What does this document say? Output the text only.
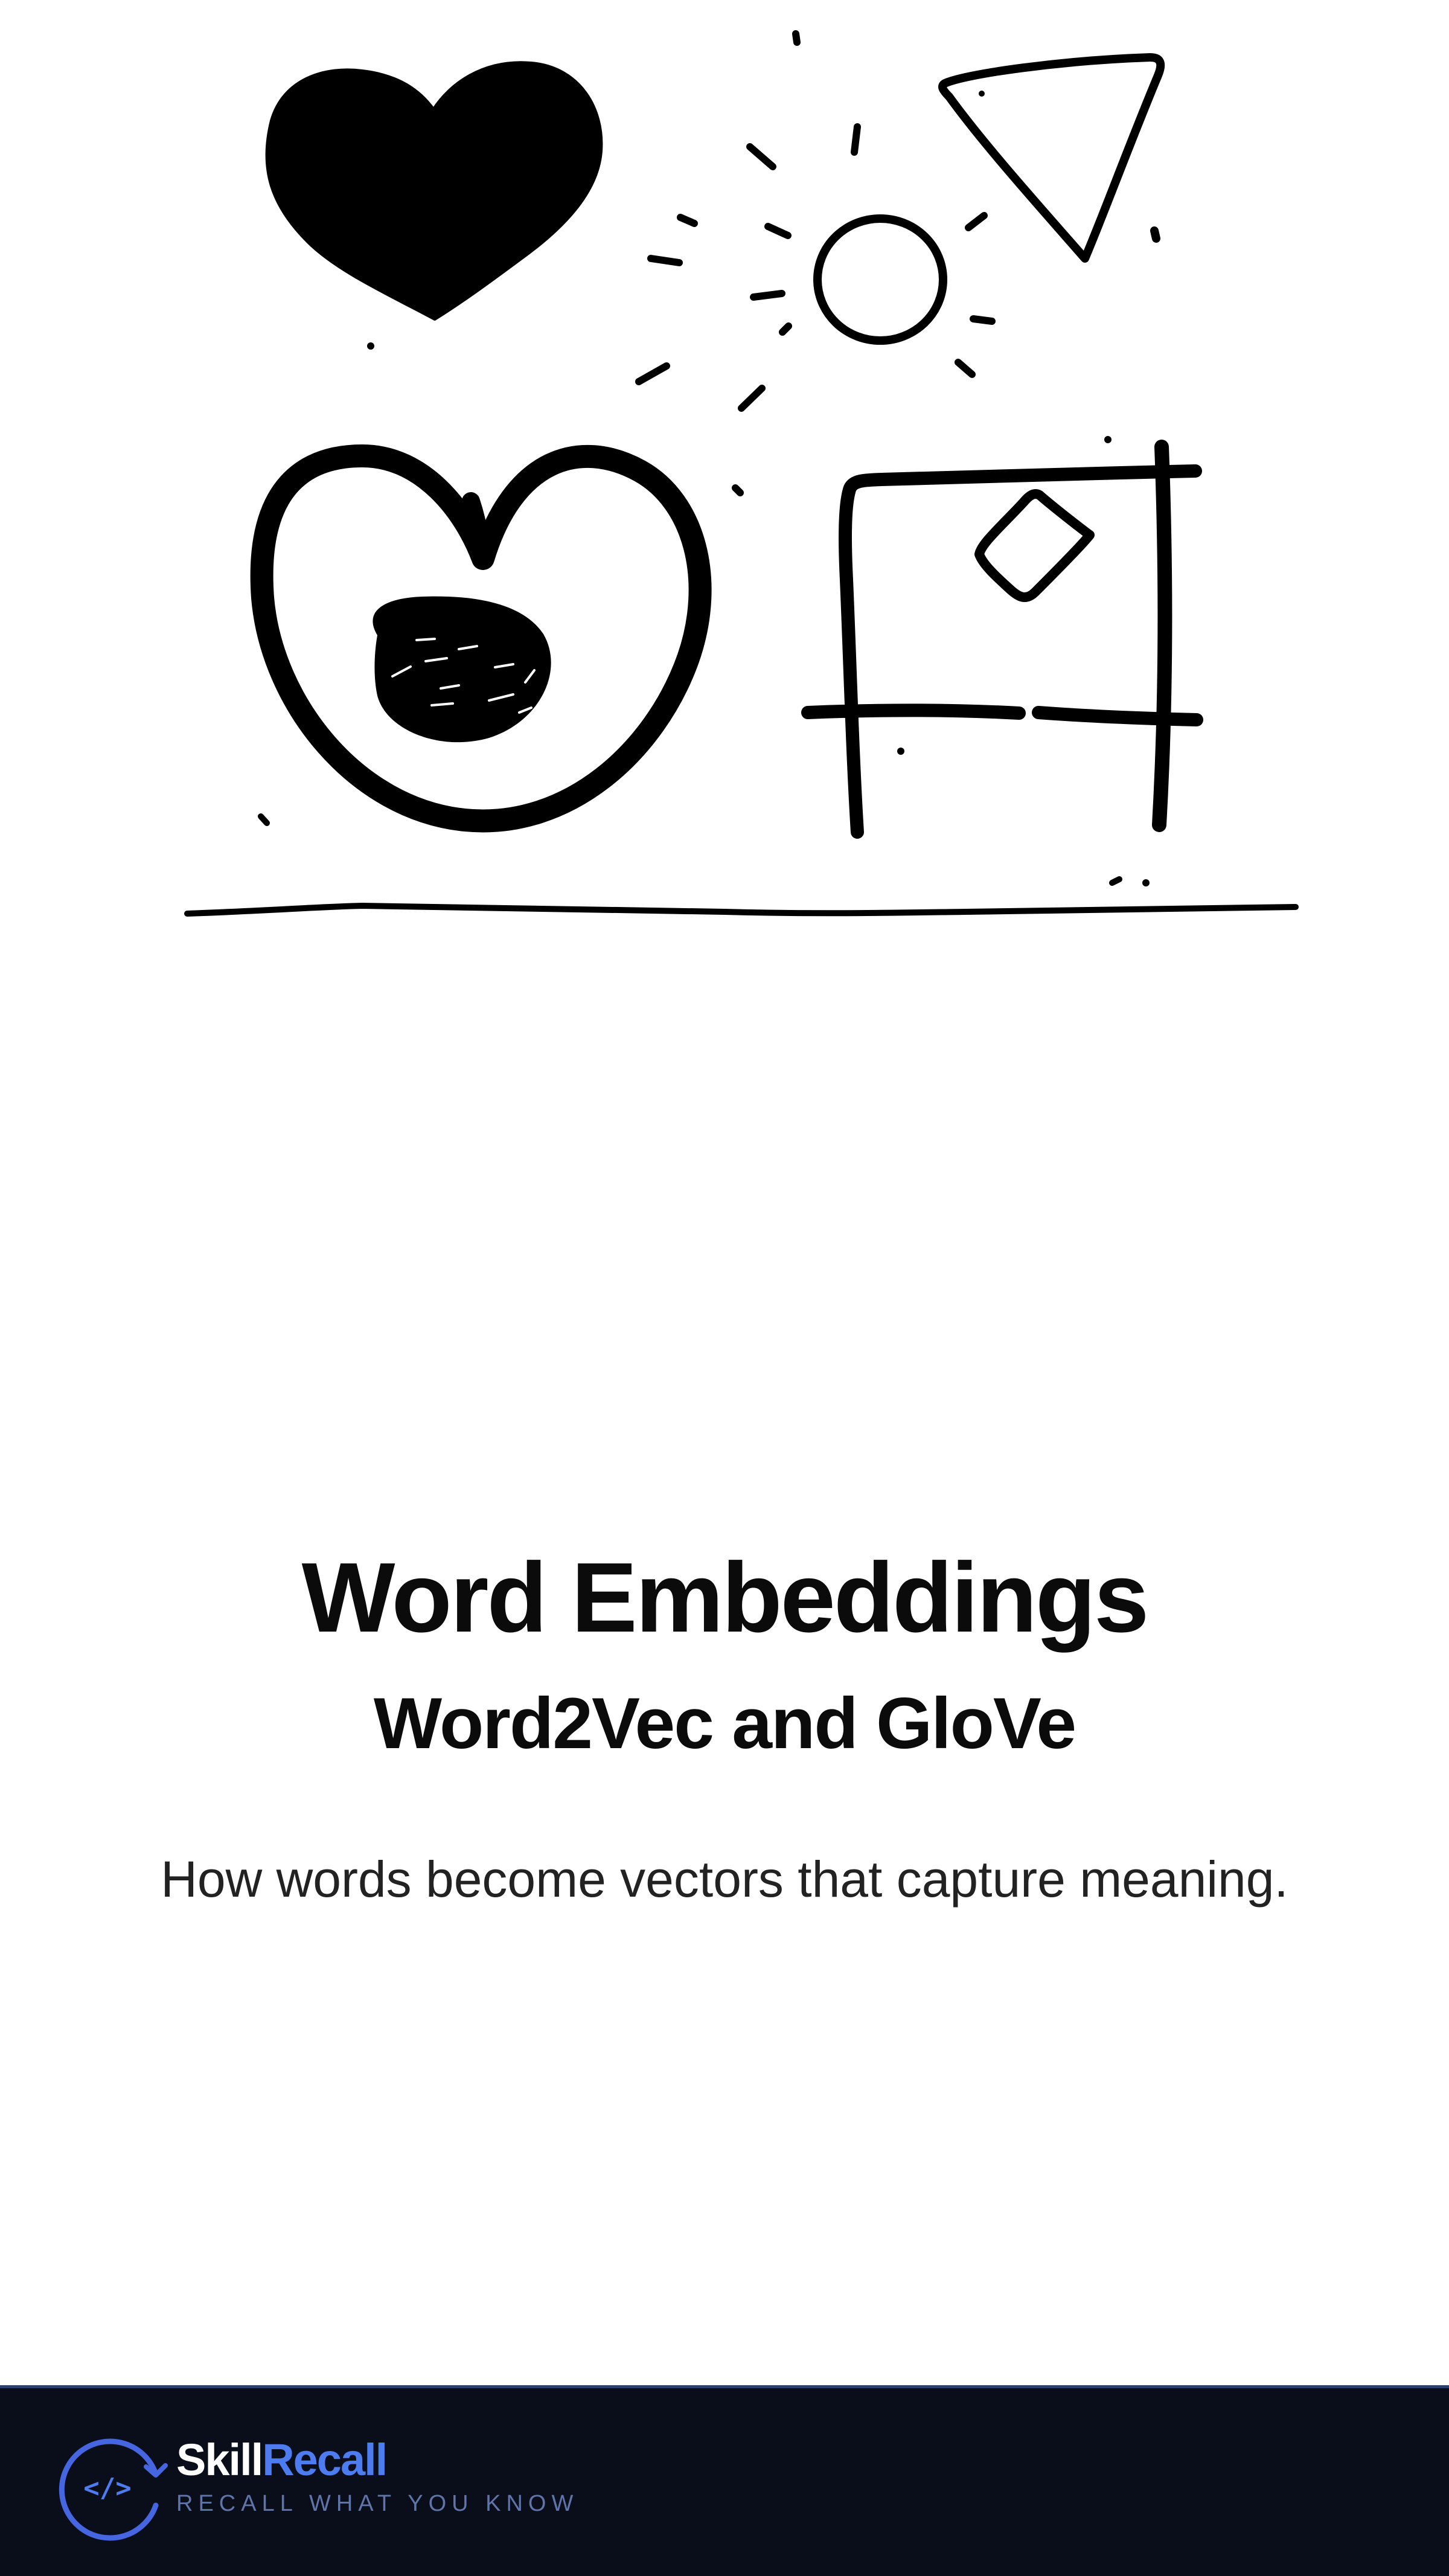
Word Embeddings
Word2Vec and GloVe
How words become vectors that capture meaning.
</>
SkillRecall
RECALL WHAT YOU KNOW
